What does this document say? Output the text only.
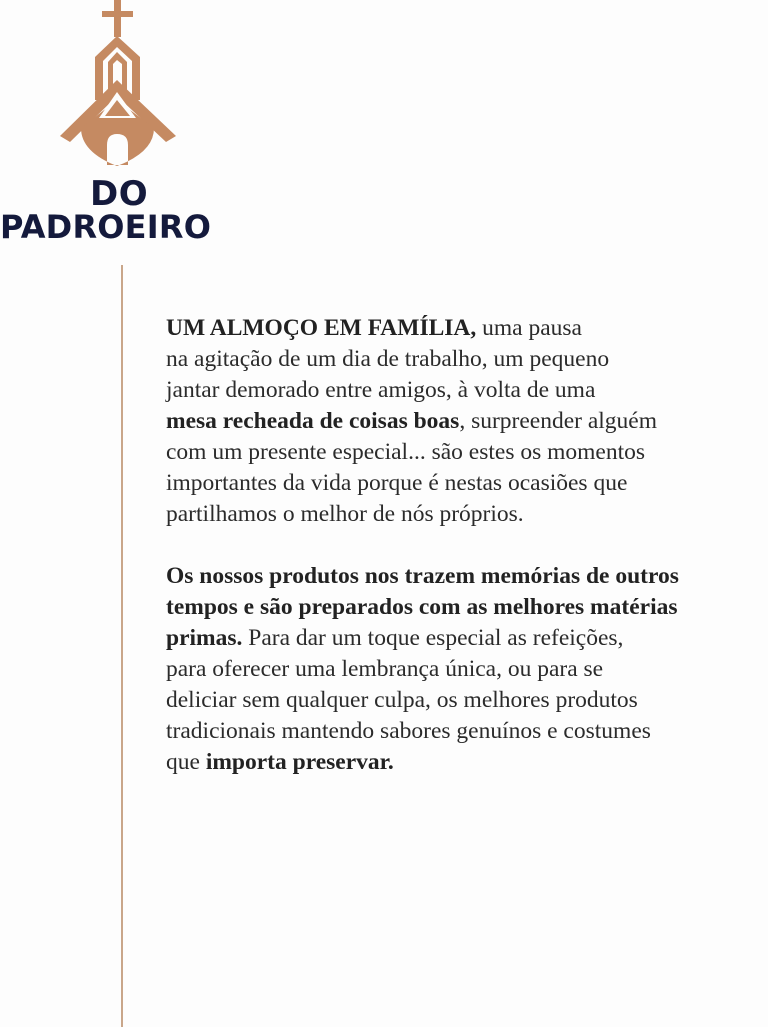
DO
PADROEIRO
UM ALMOÇO EM FAMÍLIA, uma pausa
na agitação de um dia de trabalho, um pequeno
jantar demorado entre amigos, à volta de uma
mesa recheada de coisas boas, surpreender alguém
com um presente especial... são estes os momentos
importantes da vida porque é nestas ocasiões que
partilhamos o melhor de nós próprios.
Os nossos produtos nos trazem memórias de outros
tempos e são preparados com as melhores matérias
primas. Para dar um toque especial as refeições,
para oferecer uma lembrança única, ou para se
deliciar sem qualquer culpa, os melhores produtos
tradicionais mantendo sabores genuínos e costumes
que importa preservar.
